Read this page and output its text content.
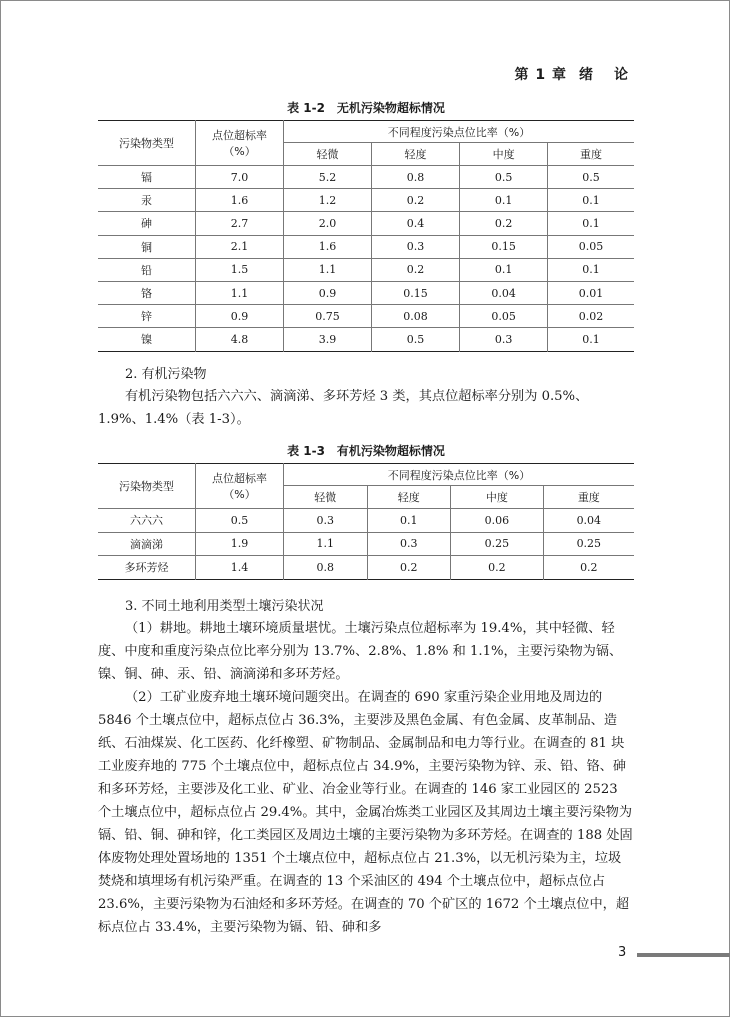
第 1 章 绪 论
表 1-2　无机污染物超标情况
污染物类型	点位超标率
（%）	不同程度污染点位比率（%）			
		轻微	轻度	中度	重度
镉	7.0	5.2	0.8	0.5	0.5
汞	1.6	1.2	0.2	0.1	0.1
砷	2.7	2.0	0.4	0.2	0.1
铜	2.1	1.6	0.3	0.15	0.05
铅	1.5	1.1	0.2	0.1	0.1
铬	1.1	0.9	0.15	0.04	0.01
锌	0.9	0.75	0.08	0.05	0.02
镍	4.8	3.9	0.5	0.3	0.1
2. 有机污染物

有机污染物包括六六六、滴滴涕、多环芳烃 3 类，其点位超标率分别为 0.5%、1.9%、1.4%（表 1-3）。

表 1-3　有机污染物超标情况
污染物类型	点位超标率
（%）	不同程度污染点位比率（%）			
		轻微	轻度	中度	重度
六六六	0.5	0.3	0.1	0.06	0.04
滴滴涕	1.9	1.1	0.3	0.25	0.25
多环芳烃	1.4	0.8	0.2	0.2	0.2
3. 不同土地利用类型土壤污染状况

（1）耕地。耕地土壤环境质量堪忧。土壤污染点位超标率为 19.4%，其中轻微、轻度、中度和重度污染点位比率分别为 13.7%、2.8%、1.8% 和 1.1%，主要污染物为镉、镍、铜、砷、汞、铅、滴滴涕和多环芳烃。

（2）工矿业废弃地土壤环境问题突出。在调查的 690 家重污染企业用地及周边的 5846 个土壤点位中，超标点位占 36.3%，主要涉及黑色金属、有色金属、皮革制品、造纸、石油煤炭、化工医药、化纤橡塑、矿物制品、金属制品和电力等行业。在调查的 81 块工业废弃地的 775 个土壤点位中，超标点位占 34.9%，主要污染物为锌、汞、铅、铬、砷和多环芳烃，主要涉及化工业、矿业、冶金业等行业。在调查的 146 家工业园区的 2523 个土壤点位中，超标点位占 29.4%。其中，金属冶炼类工业园区及其周边土壤主要污染物为镉、铅、铜、砷和锌，化工类园区及周边土壤的主要污染物为多环芳烃。在调查的 188 处固体废物处理处置场地的 1351 个土壤点位中，超标点位占 21.3%，以无机污染为主，垃圾焚烧和填埋场有机污染严重。在调查的 13 个采油区的 494 个土壤点位中，超标点位占 23.6%，主要污染物为石油烃和多环芳烃。在调查的 70 个矿区的 1672 个土壤点位中，超标点位占 33.4%，主要污染物为镉、铅、砷和多

3
